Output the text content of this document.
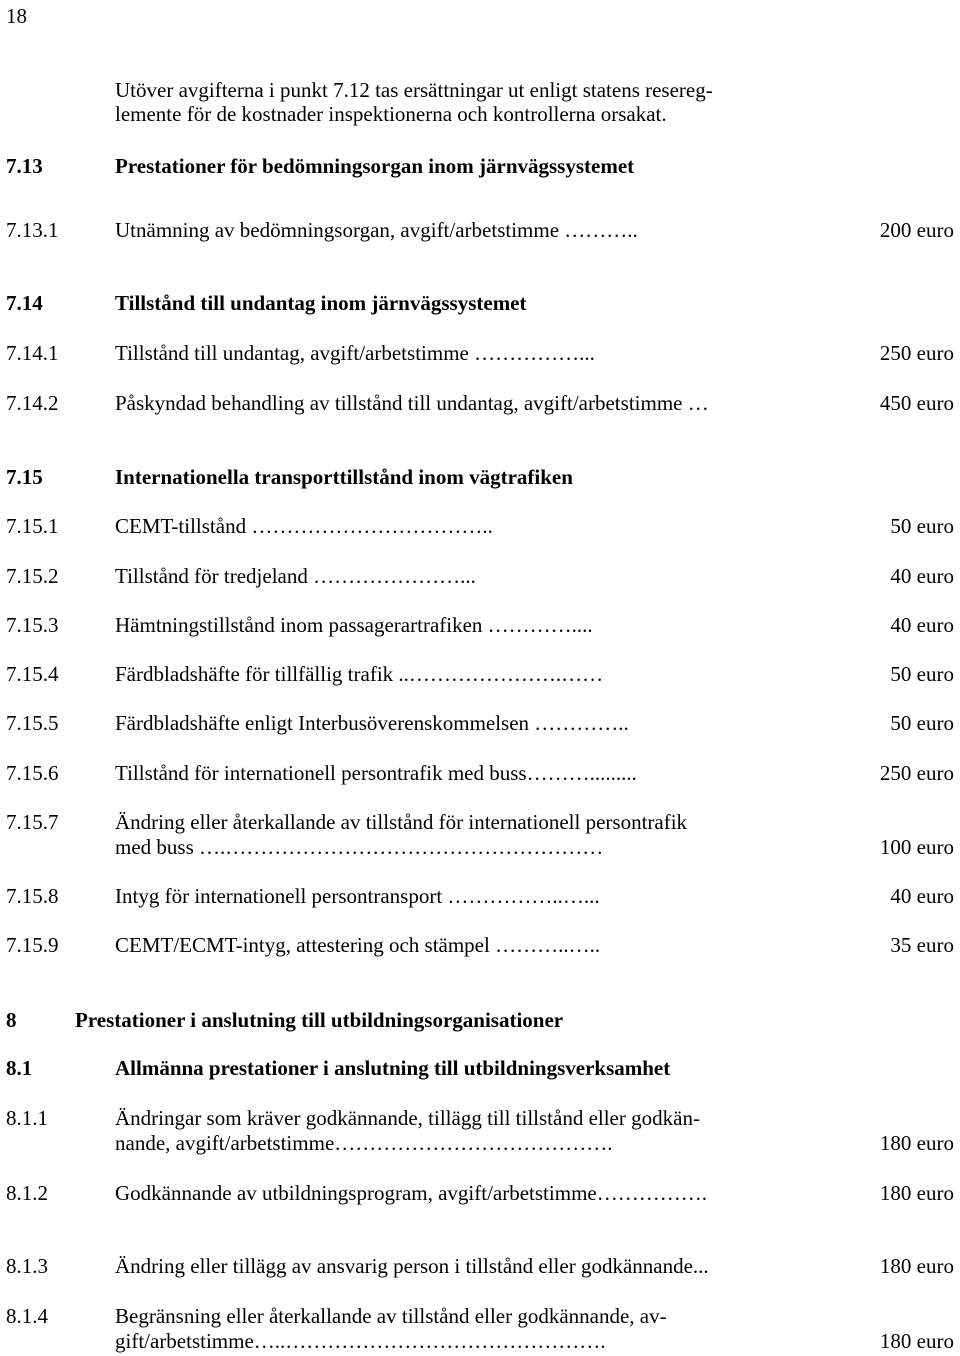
18
Utöver avgifterna i punkt 7.12 tas ersättningar ut enligt statens resereg-
lemente för de kostnader inspektionerna och kontrollerna orsakat.
7.13	Prestationer för bedömningsorgan inom järnvägssystemet
7.13.1	Utnämning av bedömningsorgan, avgift/arbetstimme ………..	200 euro
7.14	Tillstånd till undantag inom järnvägssystemet
7.14.1	Tillstånd till undantag, avgift/arbetstimme ……………...	250 euro
7.14.2	Påskyndad behandling av tillstånd till undantag, avgift/arbetstimme …	450 euro
7.15	Internationella transporttillstånd inom vägtrafiken
7.15.1	CEMT-tillstånd ……………………………..	50 euro
7.15.2	Tillstånd för tredjeland …………………...	40 euro
7.15.3	Hämtningstillstånd inom passagerartrafiken …………....	40 euro
7.15.4	Färdbladshäfte för tillfällig trafik ..………………….……	50 euro
7.15.5	Färdbladshäfte enligt Interbusöverenskommelsen …………..	50 euro
7.15.6	Tillstånd för internationell persontrafik med buss……….........	250 euro
7.15.7	Ändring eller återkallande av tillstånd för internationell persontrafik
med buss ….………………………………………………	100 euro
7.15.8	Intyg för internationell persontransport ……………..…...	40 euro
7.15.9	CEMT/ECMT-intyg, attestering och stämpel ………..…..	35 euro
8	Prestationer i anslutning till utbildningsorganisationer
8.1	Allmänna prestationer i anslutning till utbildningsverksamhet
8.1.1	Ändringar som kräver godkännande, tillägg till tillstånd eller godkän-
nande, avgift/arbetstimme………………………………….	180 euro
8.1.2	Godkännande av utbildningsprogram, avgift/arbetstimme…………….	180 euro
8.1.3	Ändring eller tillägg av ansvarig person i tillstånd eller godkännande...	180 euro
8.1.4	Begränsning eller återkallande av tillstånd eller godkännande, av-
gift/arbetstimme…..……………………………………….	180 euro
